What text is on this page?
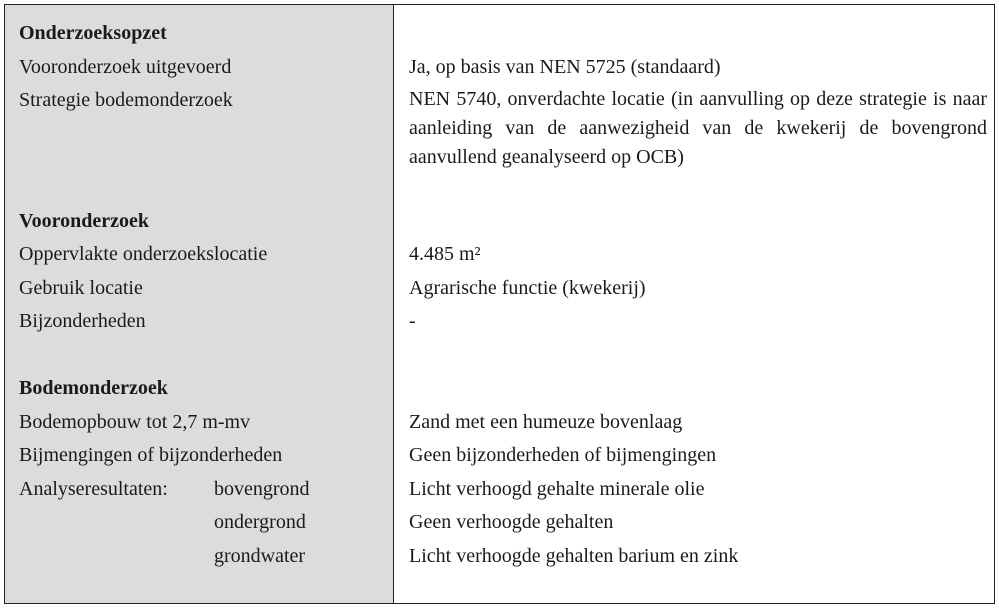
Onderzoeksopzet
Vooronderzoek uitgevoerd
Strategie bodemonderzoek
Vooronderzoek
Oppervlakte onderzoekslocatie
Gebruik locatie
Bijzonderheden
Bodemonderzoek
Bodemopbouw tot 2,7 m-mv
Bijmengingen of bijzonderheden
Analyseresultaten: bovengrond
ondergrond
grondwater
Ja, op basis van NEN 5725 (standaard)
NEN 5740, onverdachte locatie (in aanvulling op deze strategie is naar aanleiding van de aanwezigheid van de kwekerij de bovengrond aanvullend geanalyseerd op OCB)
4.485 m²
Agrarische functie (kwekerij)
-
Zand met een humeuze bovenlaag
Geen bijzonderheden of bijmengingen
Licht verhoogd gehalte minerale olie
Geen verhoogde gehalten
Licht verhoogde gehalten barium en zink
